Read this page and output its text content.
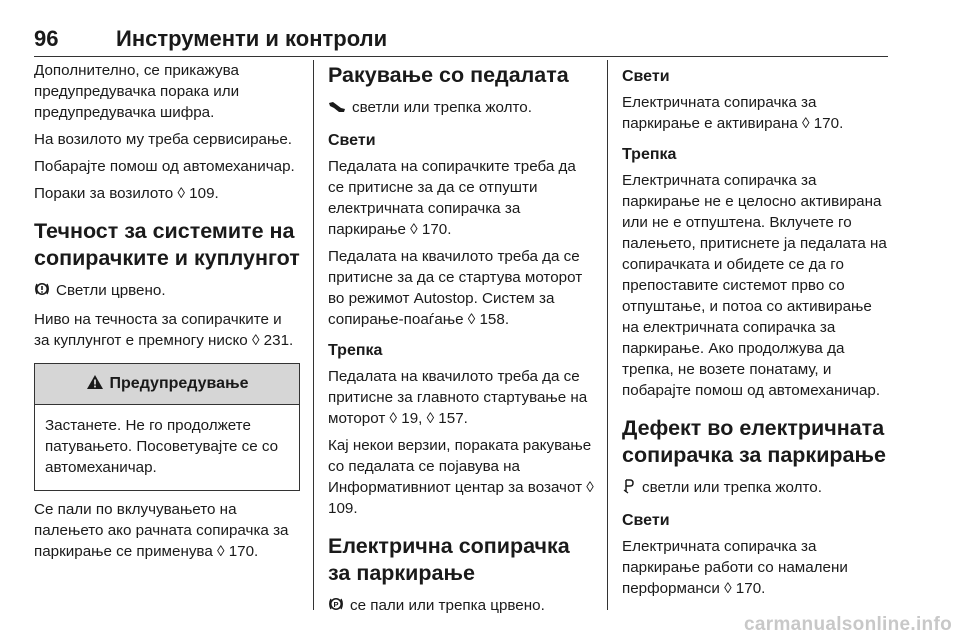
96	Инструменти и контроли

Дополнително, се прикажува предупредувачка порака или предупредувачка шифра.

На возилото му треба сервисирање.

Побарајте помош од автомеханичар.

Пораки за возилото ◊ 109.

Течност за системите на сопирачките и куплунгот

Светли црвено.

Ниво на течноста за сопирачките и за куплунгот е премногу ниско ◊ 231.

Предупредување

Застанете. Не го продолжете патувањето. Посоветувајте се со автомеханичар.

Се пали по вклучувањето на палењето ако рачната сопирачка за паркирање се применува ◊ 170.

Ракување со педалата

светли или трепка жолто.

Свети

Педалата на сопирачките треба да се притисне за да се отпушти електричната сопирачка за паркирање ◊ 170.

Педалата на квачилото треба да се притисне за да се стартува моторот во режимот Autostop. Систем за сопирање-поаѓање ◊ 158.

Трепка

Педалата на квачилото треба да се притисне за главното стартување на моторот ◊ 19, ◊ 157.

Кај некои верзии, пораката ракување со педалата се појавува на Информативниот центар за возачот ◊ 109.

Електрична сопирачка за паркирање

P се пали или трепка црвено.

Свети

Електричната сопирачка за паркирање е активирана ◊ 170.

Трепка

Електричната сопирачка за паркирање не е целосно активирана или не е отпуштена. Вклучете го палењето, притиснете ја педалата на сопирачката и обидете се да го препоставите системот прво со отпуштање, и потоа со активирање на електричната сопирачка за паркирање. Ако продолжува да трепка, не возете понатаму, и побарајте помош од автомеханичар.

Дефект во електричната сопирачка за паркирање

светли или трепка жолто.

Свети

Електричната сопирачка за паркирање работи со намалени перформанси ◊ 170.

carmanualsonline.info
